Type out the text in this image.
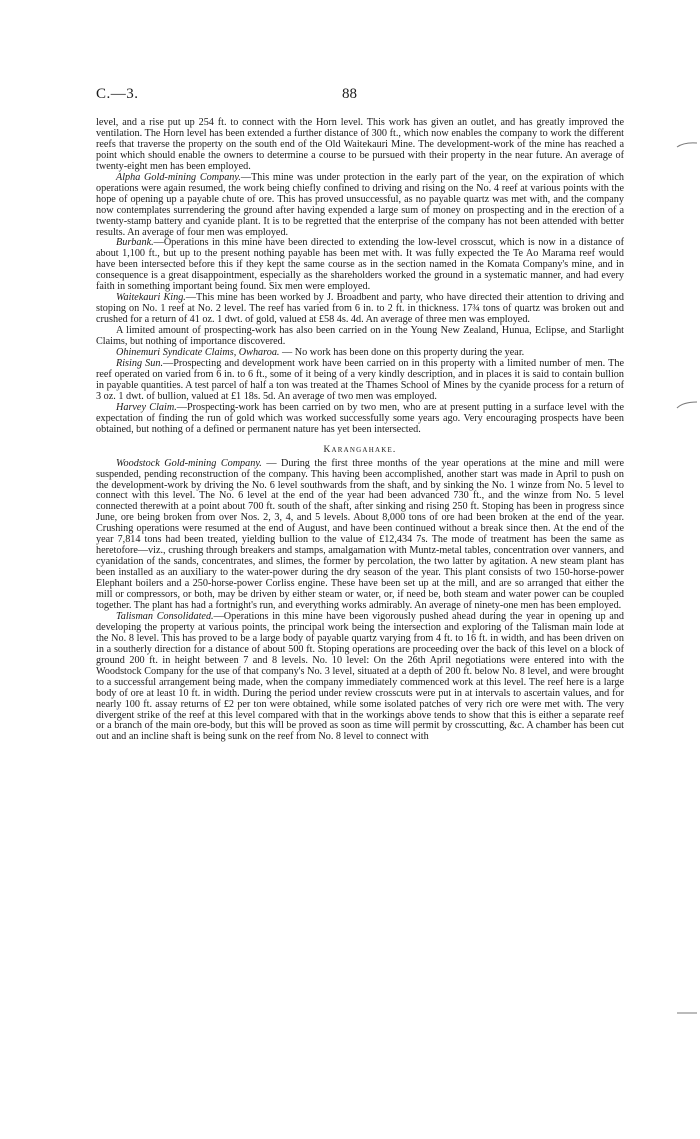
C.—3.	88

level, and a rise put up 254 ft. to connect with the Horn level. This work has given an outlet, and has greatly improved the ventilation. The Horn level has been extended a further distance of 300 ft., which now enables the company to work the different reefs that traverse the property on the south end of the Old Waitekauri Mine. The development-work of the mine has reached a point which should enable the owners to determine a course to be pursued with their property in the near future. An average of twenty-eight men has been employed.

Alpha Gold-mining Company.—This mine was under protection in the early part of the year, on the expiration of which operations were again resumed, the work being chiefly confined to driving and rising on the No. 4 reef at various points with the hope of opening up a payable chute of ore. This has proved unsuccessful, as no payable quartz was met with, and the company now contemplates surrendering the ground after having expended a large sum of money on prospecting and in the erection of a twenty-stamp battery and cyanide plant. It is to be regretted that the enterprise of the company has not been attended with better results. An average of four men was employed.

Burbank.—Operations in this mine have been directed to extending the low-level crosscut, which is now in a distance of about 1,100 ft., but up to the present nothing payable has been met with. It was fully expected the Te Ao Marama reef would have been intersected before this if they kept the same course as in the section named in the Komata Company's mine, and in consequence is a great disappointment, especially as the shareholders worked the ground in a systematic manner, and had every faith in something important being found. Six men were employed.

Waitekauri King.—This mine has been worked by J. Broadbent and party, who have directed their attention to driving and stoping on No. 1 reef at No. 2 level. The reef has varied from 6 in. to 2 ft. in thickness. 17¾ tons of quartz was broken out and crushed for a return of 41 oz. 1 dwt. of gold, valued at £58 4s. 4d. An average of three men was employed.

A limited amount of prospecting-work has also been carried on in the Young New Zealand, Hunua, Eclipse, and Starlight Claims, but nothing of importance discovered.

Ohinemuri Syndicate Claims, Owharoa. — No work has been done on this property during the year.

Rising Sun.—Prospecting and development work have been carried on in this property with a limited number of men. The reef operated on varied from 6 in. to 6 ft., some of it being of a very kindly description, and in places it is said to contain bullion in payable quantities. A test parcel of half a ton was treated at the Thames School of Mines by the cyanide process for a return of 3 oz. 1 dwt. of bullion, valued at £1 18s. 5d. An average of two men was employed.

Harvey Claim.—Prospecting-work has been carried on by two men, who are at present putting in a surface level with the expectation of finding the run of gold which was worked successfully some years ago. Very encouraging prospects have been obtained, but nothing of a defined or permanent nature has yet been intersected.

Karangahake.

Woodstock Gold-mining Company. — During the first three months of the year operations at the mine and mill were suspended, pending reconstruction of the company. This having been accomplished, another start was made in April to push on the development-work by driving the No. 6 level southwards from the shaft, and by sinking the No. 1 winze from No. 5 level to connect with this level. The No. 6 level at the end of the year had been advanced 730 ft., and the winze from No. 5 level connected therewith at a point about 700 ft. south of the shaft, after sinking and rising 250 ft. Stoping has been in progress since June, ore being broken from over Nos. 2, 3, 4, and 5 levels. About 8,000 tons of ore had been broken at the end of the year. Crushing operations were resumed at the end of August, and have been continued without a break since then. At the end of the year 7,814 tons had been treated, yielding bullion to the value of £12,434 7s. The mode of treatment has been the same as heretofore—viz., crushing through breakers and stamps, amalgamation with Muntz-metal tables, concentration over vanners, and cyanidation of the sands, concentrates, and slimes, the former by percolation, the two latter by agitation. A new steam plant has been installed as an auxiliary to the water-power during the dry season of the year. This plant consists of two 150-horse-power Elephant boilers and a 250-horse-power Corliss engine. These have been set up at the mill, and are so arranged that either the mill or compressors, or both, may be driven by either steam or water, or, if need be, both steam and water power can be coupled together. The plant has had a fortnight's run, and everything works admirably. An average of ninety-one men has been employed.

Talisman Consolidated.—Operations in this mine have been vigorously pushed ahead during the year in opening up and developing the property at various points, the principal work being the intersection and exploring of the Talisman main lode at the No. 8 level. This has proved to be a large body of payable quartz varying from 4 ft. to 16 ft. in width, and has been driven on in a southerly direction for a distance of about 500 ft. Stoping operations are proceeding over the back of this level on a block of ground 200 ft. in height between 7 and 8 levels. No. 10 level: On the 26th April negotiations were entered into with the Woodstock Company for the use of that company's No. 3 level, situated at a depth of 200 ft. below No. 8 level, and were brought to a successful arrangement being made, when the company immediately commenced work at this level. The reef here is a large body of ore at least 10 ft. in width. During the period under review crosscuts were put in at intervals to ascertain values, and for nearly 100 ft. assay returns of £2 per ton were obtained, while some isolated patches of very rich ore were met with. The very divergent strike of the reef at this level compared with that in the workings above tends to show that this is either a separate reef or a branch of the main ore-body, but this will be proved as soon as time will permit by crosscutting, &c. A chamber has been cut out and an incline shaft is being sunk on the reef from No. 8 level to connect with
